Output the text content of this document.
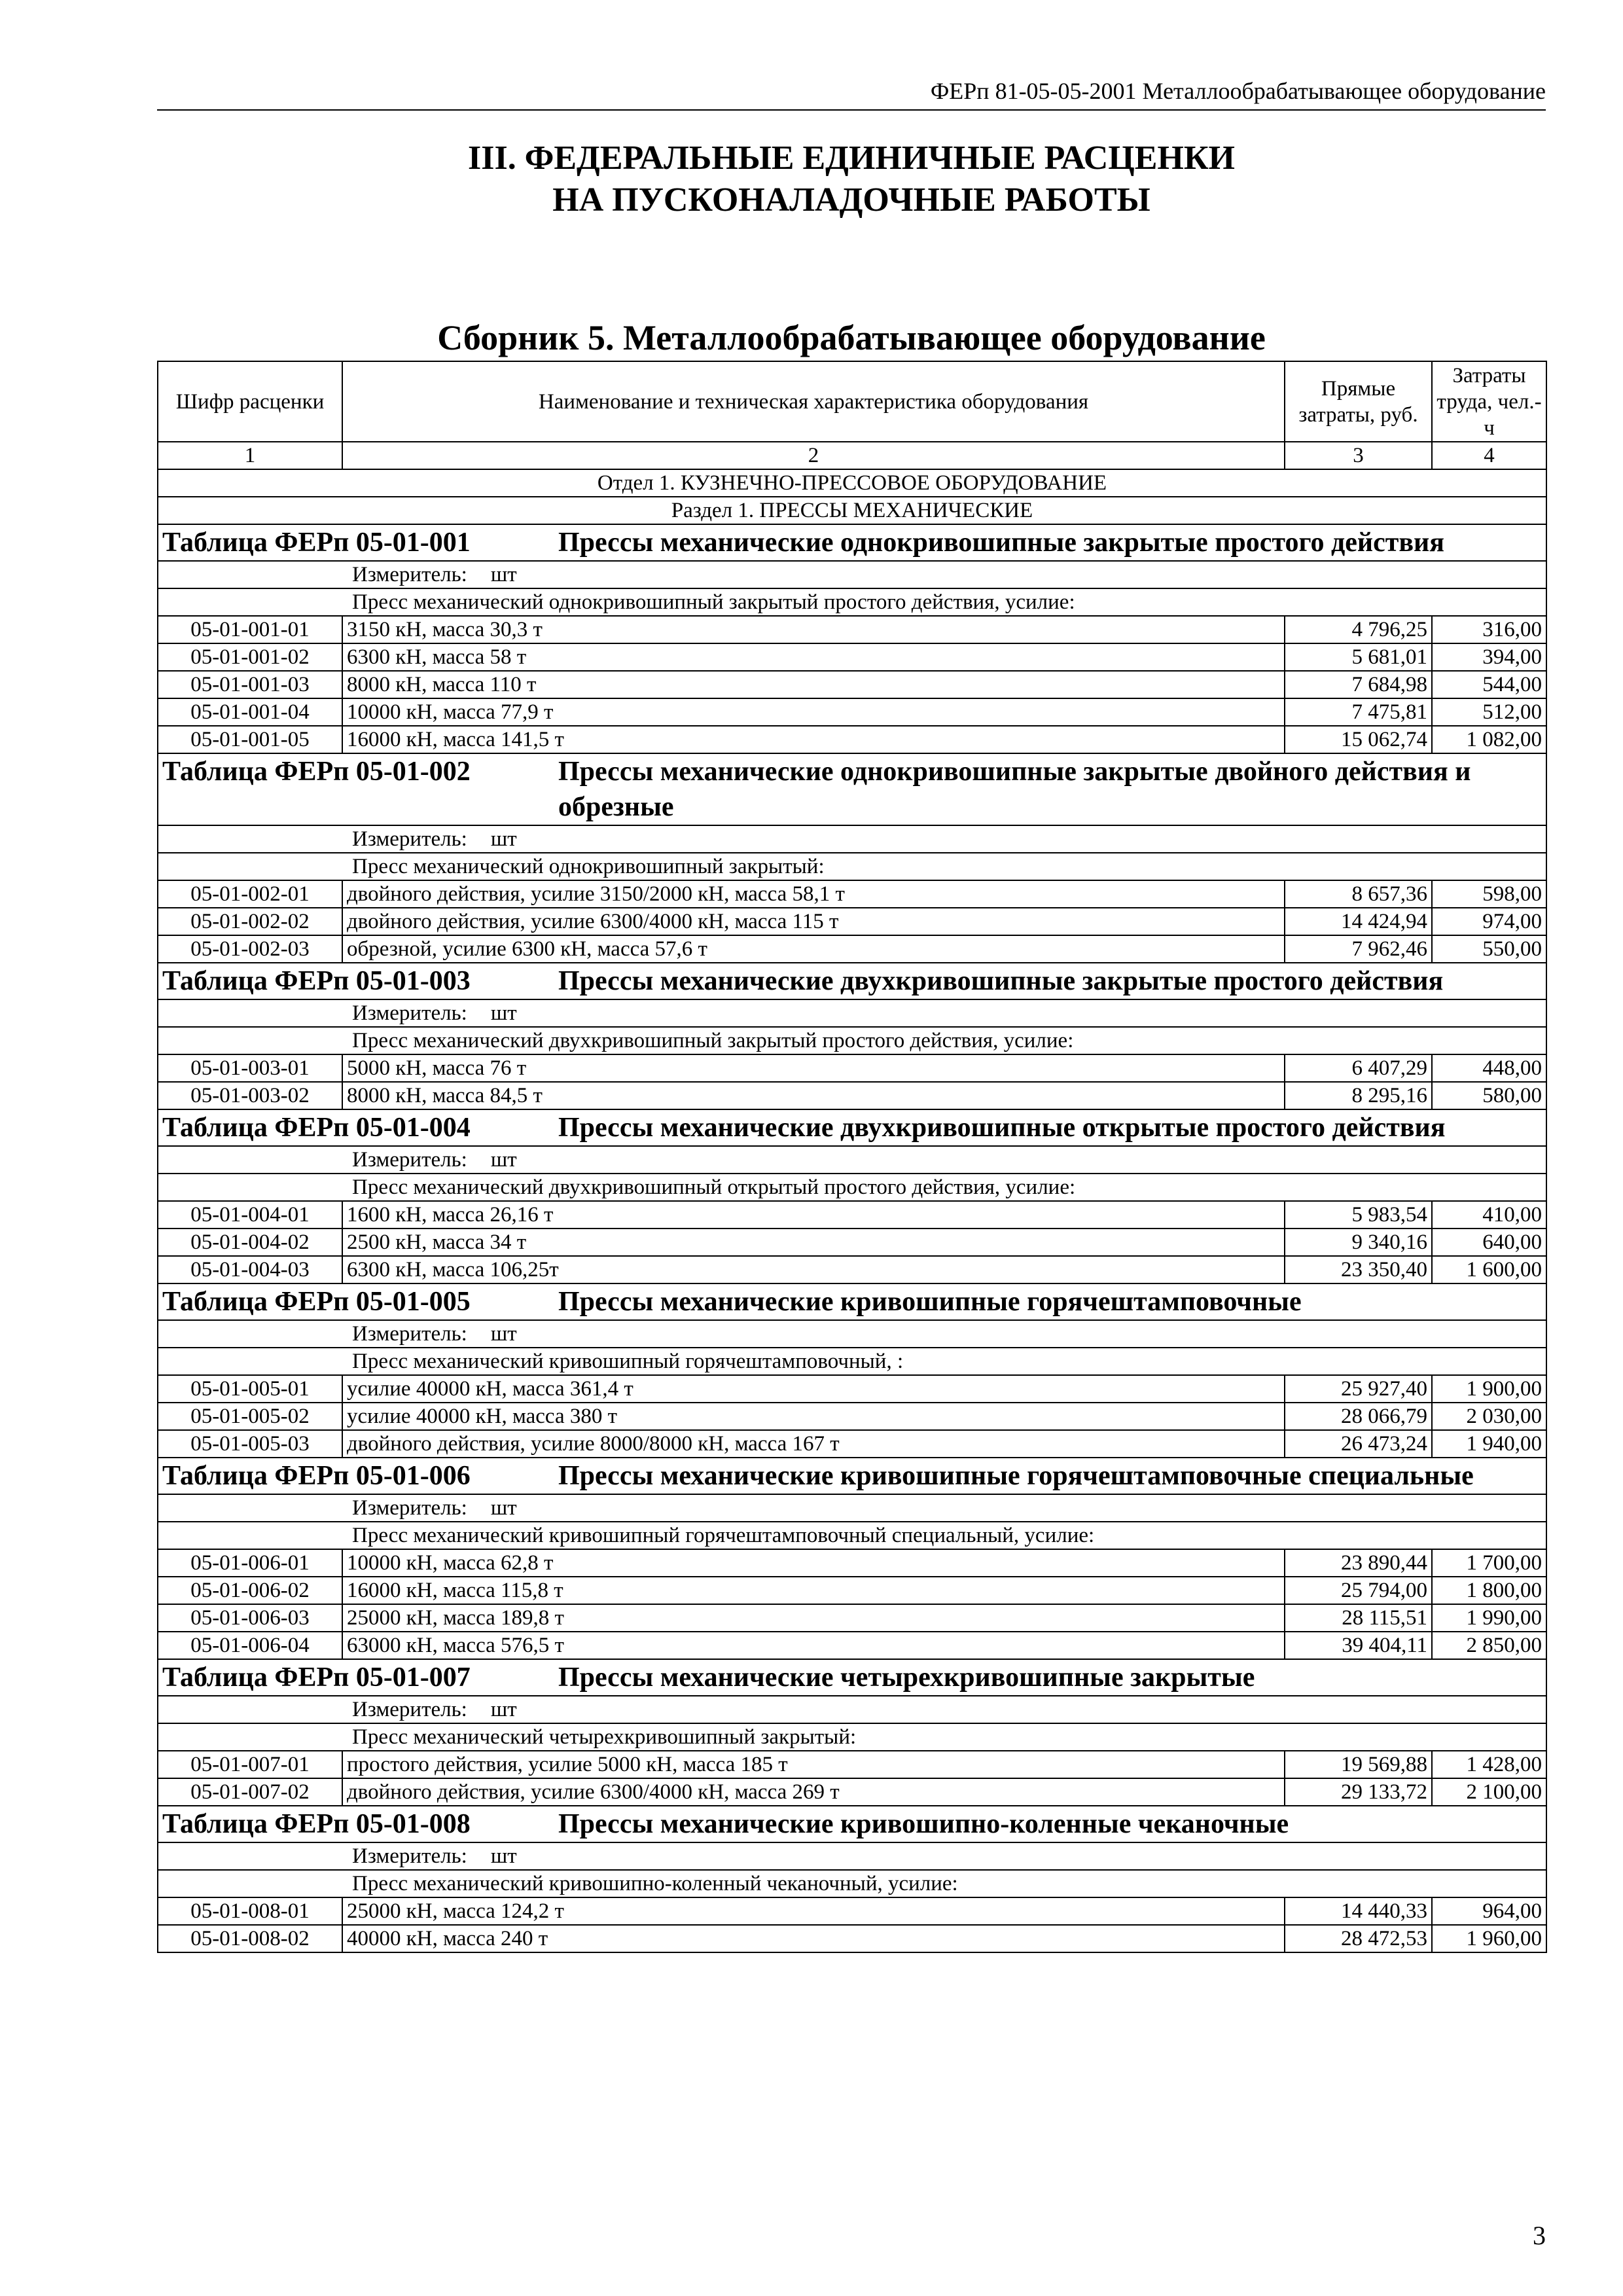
ФЕРп 81-05-05-2001 Металлообрабатывающее оборудование
III. ФЕДЕРАЛЬНЫЕ ЕДИНИЧНЫЕ РАСЦЕНКИ
НА ПУСКОНАЛАДОЧНЫЕ РАБОТЫ
Сборник 5. Металлообрабатывающее оборудование
Шифр расценки	Наименование и техническая характеристика оборудования	Прямые затраты, руб.	Затраты труда, чел.-ч
1	2	3	4
Отдел 1. КУЗНЕЧНО-ПРЕССОВОЕ ОБОРУДОВАНИЕ			
Раздел 1. ПРЕССЫ МЕХАНИЧЕСКИЕ			

Таблица ФЕРп 05-01-001 Прессы механические однокривошипные закрытые простого действия			

Измеритель: шт			
Пресс механический однокривошипный закрытый простого действия, усилие:			
05-01-001-01	3150 кН, масса 30,3 т	4 796,25	316,00
05-01-001-02	6300 кН, масса 58 т	5 681,01	394,00
05-01-001-03	8000 кН, масса 110 т	7 684,98	544,00
05-01-001-04	10000 кН, масса 77,9 т	7 475,81	512,00
05-01-001-05	16000 кН, масса 141,5 т	15 062,74	1 082,00

Таблица ФЕРп 05-01-002 Прессы механические однокривошипные закрытые двойного действия и обрезные			

Измеритель: шт			
Пресс механический однокривошипный закрытый:			
05-01-002-01	двойного действия, усилие 3150/2000 кН, масса 58,1 т	8 657,36	598,00
05-01-002-02	двойного действия, усилие 6300/4000 кН, масса 115 т	14 424,94	974,00
05-01-002-03	обрезной, усилие 6300 кН, масса 57,6 т	7 962,46	550,00

Таблица ФЕРп 05-01-003 Прессы механические двухкривошипные закрытые простого действия			

Измеритель: шт			
Пресс механический двухкривошипный закрытый простого действия, усилие:			
05-01-003-01	5000 кН, масса 76 т	6 407,29	448,00
05-01-003-02	8000 кН, масса 84,5 т	8 295,16	580,00

Таблица ФЕРп 05-01-004 Прессы механические двухкривошипные открытые простого действия			

Измеритель: шт			
Пресс механический двухкривошипный открытый простого действия, усилие:			
05-01-004-01	1600 кН, масса 26,16 т	5 983,54	410,00
05-01-004-02	2500 кН, масса 34 т	9 340,16	640,00
05-01-004-03	6300 кН, масса 106,25т	23 350,40	1 600,00

Таблица ФЕРп 05-01-005 Прессы механические кривошипные горячештамповочные			

Измеритель: шт			
Пресс механический кривошипный горячештамповочный, :			
05-01-005-01	усилие 40000 кН, масса 361,4 т	25 927,40	1 900,00
05-01-005-02	усилие 40000 кН, масса 380 т	28 066,79	2 030,00
05-01-005-03	двойного действия, усилие 8000/8000 кН, масса 167 т	26 473,24	1 940,00

Таблица ФЕРп 05-01-006 Прессы механические кривошипные горячештамповочные специальные			

Измеритель: шт			
Пресс механический кривошипный горячештамповочный специальный, усилие:			
05-01-006-01	10000 кН, масса 62,8 т	23 890,44	1 700,00
05-01-006-02	16000 кН, масса 115,8 т	25 794,00	1 800,00
05-01-006-03	25000 кН, масса 189,8 т	28 115,51	1 990,00
05-01-006-04	63000 кН, масса 576,5 т	39 404,11	2 850,00

Таблица ФЕРп 05-01-007 Прессы механические четырехкривошипные закрытые			

Измеритель: шт			
Пресс механический четырехкривошипный закрытый:			
05-01-007-01	простого действия, усилие 5000 кН, масса 185 т	19 569,88	1 428,00
05-01-007-02	двойного действия, усилие 6300/4000 кН, масса 269 т	29 133,72	2 100,00

Таблица ФЕРп 05-01-008 Прессы механические кривошипно-коленные чеканочные			

Измеритель: шт			
Пресс механический кривошипно-коленный чеканочный, усилие:			
05-01-008-01	25000 кН, масса 124,2 т	14 440,33	964,00
05-01-008-02	40000 кН, масса 240 т	28 472,53	1 960,00
3
